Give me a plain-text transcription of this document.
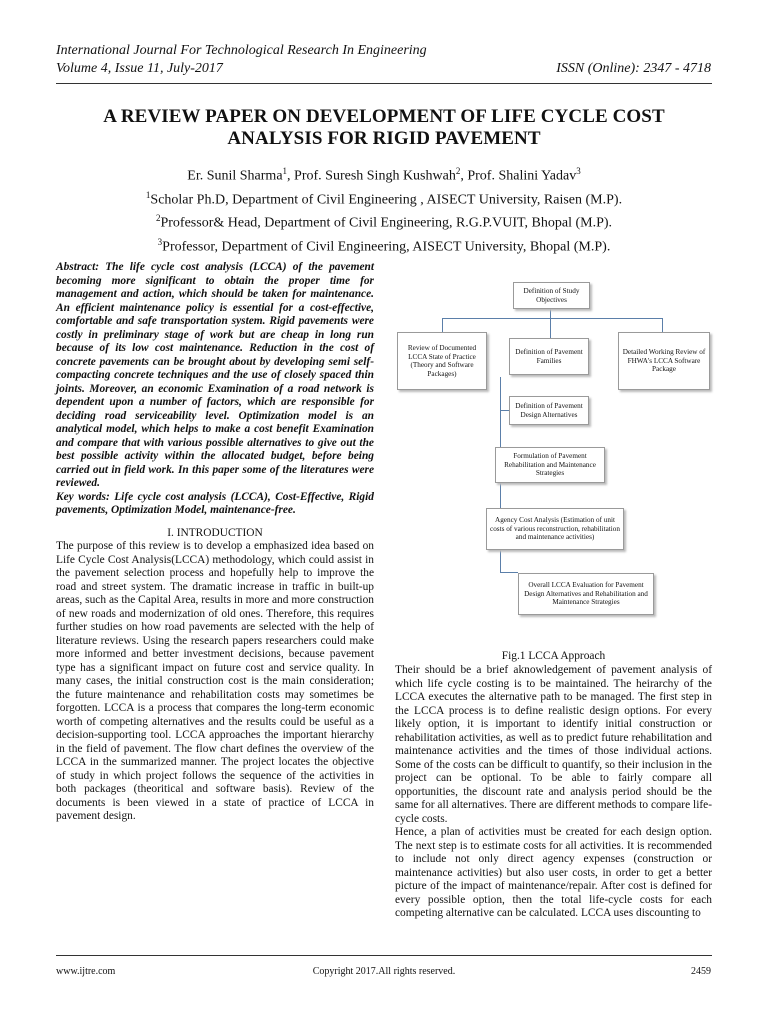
International Journal For Technological Research In Engineering
Volume 4, Issue 11, July-2017	ISSN (Online): 2347 - 4718
A REVIEW PAPER ON DEVELOPMENT OF LIFE CYCLE COST ANALYSIS FOR RIGID PAVEMENT
Er. Sunil Sharma$^1$, Prof. Suresh Singh Kushwah$^2$, Prof. Shalini Yadav$^3$
$^1$Scholar Ph.D, Department of Civil Engineering , AISECT University, Raisen (M.P).
$^2$Professor& Head, Department of Civil Engineering, R.G.P.VUIT, Bhopal (M.P).
$^3$Professor, Department of Civil Engineering, AISECT University, Bhopal (M.P).

Abstract: The life cycle cost analysis (LCCA) of the pavement becoming more significant to obtain the proper time for management and action, which should be taken for maintenance. An efficient maintenance policy is essential for a cost-effective, comfortable and safe transportation system. Rigid pavements were costly in preliminary stage of work but are cheap in long run because of its low cost maintenance. Reduction in the cost of concrete pavements can be brought about by developing semi self-compacting concrete techniques and the use of closely spaced thin joints. Moreover, an economic Examination of a road network is dependent upon a number of factors, which are responsible for deciding road serviceability level. Optimization model is an analytical model, which helps to make a cost benefit Examination and compare that with various possible alternatives to give out the best possible activity within the allocated budget, before being carried out in field work. In this paper some of the literatures were reviewed.

Key words: Life cycle cost analysis (LCCA), Cost-Effective, Rigid pavements, Optimization Model, maintenance-free.

I. INTRODUCTION

The purpose of this review is to develop a emphasized idea based on Life Cycle Cost Analysis(LCCA) methodology, which could assist in the pavement selection process and hopefully help to improve the road and street system. The dramatic increase in traffic in built-up areas, such as the Capital Area, results in more and more construction of new roads and modernization of old ones. Therefore, this requires further studies on how road pavements are selected with the help of literature reviews. Using the research papers researchers could make more informed and better investment decisions, because pavement type has a significant impact on future cost and service quality. In many cases, the initial construction cost is the main consideration; the future maintenance and rehabilitation costs may sometimes be forgotten. LCCA is a process that compares the long-term economic worth of competing alternatives and the results could be useful as a decision-supporting tool. LCCA approaches the important hierarchy in the field of pavement. The flow chart defines the overview of the LCCA in the summarized manner. The project locates the objective of study in which project follows the sequence of the activities in both packages (theoritical and software basis). Review of the documents is been viewed in a state of practice of LCCA in pavement design.

Definition of Study Objectives
Review of Documented LCCA State of Practice (Theory and Software Packages)
Definition of Pavement Families
Detailed Working Review of FHWA's LCCA Software Package
Definition of Pavement Design Alternatives
Formulation of Pavement Rehabilitation and Maintenance Strategies
Agency Cost Analysis (Estimation of unit costs of various reconstruction, rehabilitation and maintenance activities)
Overall LCCA Evaluation for Pavement Design Alternatives and Rehabilitation and Maintenance Strategies
Fig.1 LCCA Approach

Their should be a brief aknowledgement of pavement analysis of which life cycle costing is to be maintained. The heirarchy of the LCCA executes the alternative path to be managed. The first step in the LCCA process is to define realistic design options. For every likely option, it is important to identify initial construction or rehabilitation activities, as well as to predict future rehabilitation and maintenance activities and the times of those individual actions. Some of the costs can be difficult to quantify, so their inclusion in the project can be optional. To be able to fairly compare all opportunities, the discount rate and analysis period should be the same for all alternatives. There are different methods to compare life-cycle costs.

Hence, a plan of activities must be created for each design option. The next step is to estimate costs for all activities. It is recommended to include not only direct agency expenses (construction or maintenance activities) but also user costs, in order to get a better picture of the impact of maintenance/repair. After cost is defined for every possible option, then the total life-cycle costs for each competing alternative can be calculated. LCCA uses discounting to

www.ijtre.com	Copyright 2017.All rights reserved.	2459
